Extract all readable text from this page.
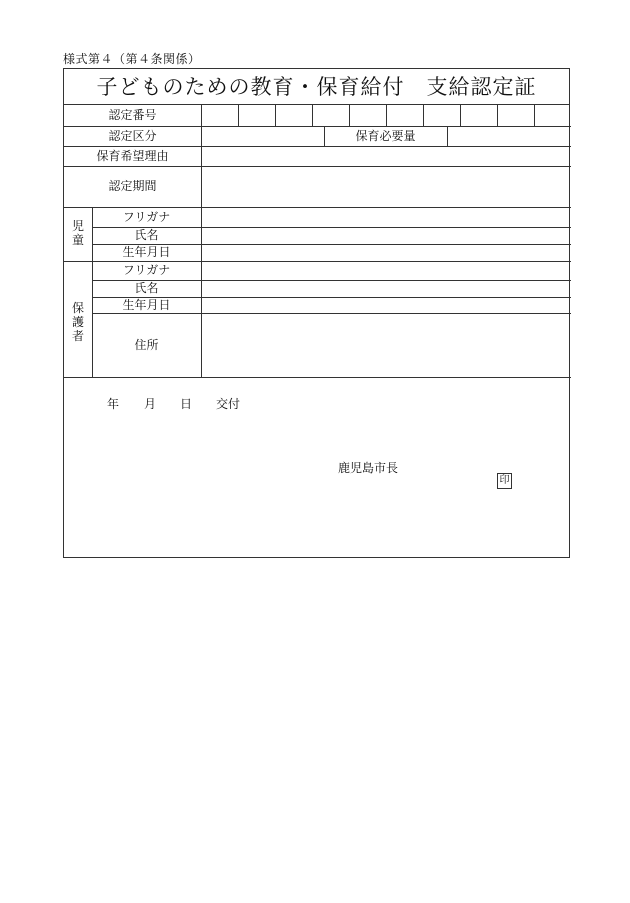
様式第４（第４条関係）
子どものための教育・保育給付　支給認定証
認定番号
認定区分	保育必要量
保育希望理由
認定期間
児
童
フリガナ
氏名
生年月日
保
護
者
フリガナ
氏名
生年月日
住所
年 月 日 交付
鹿児島市長
印
